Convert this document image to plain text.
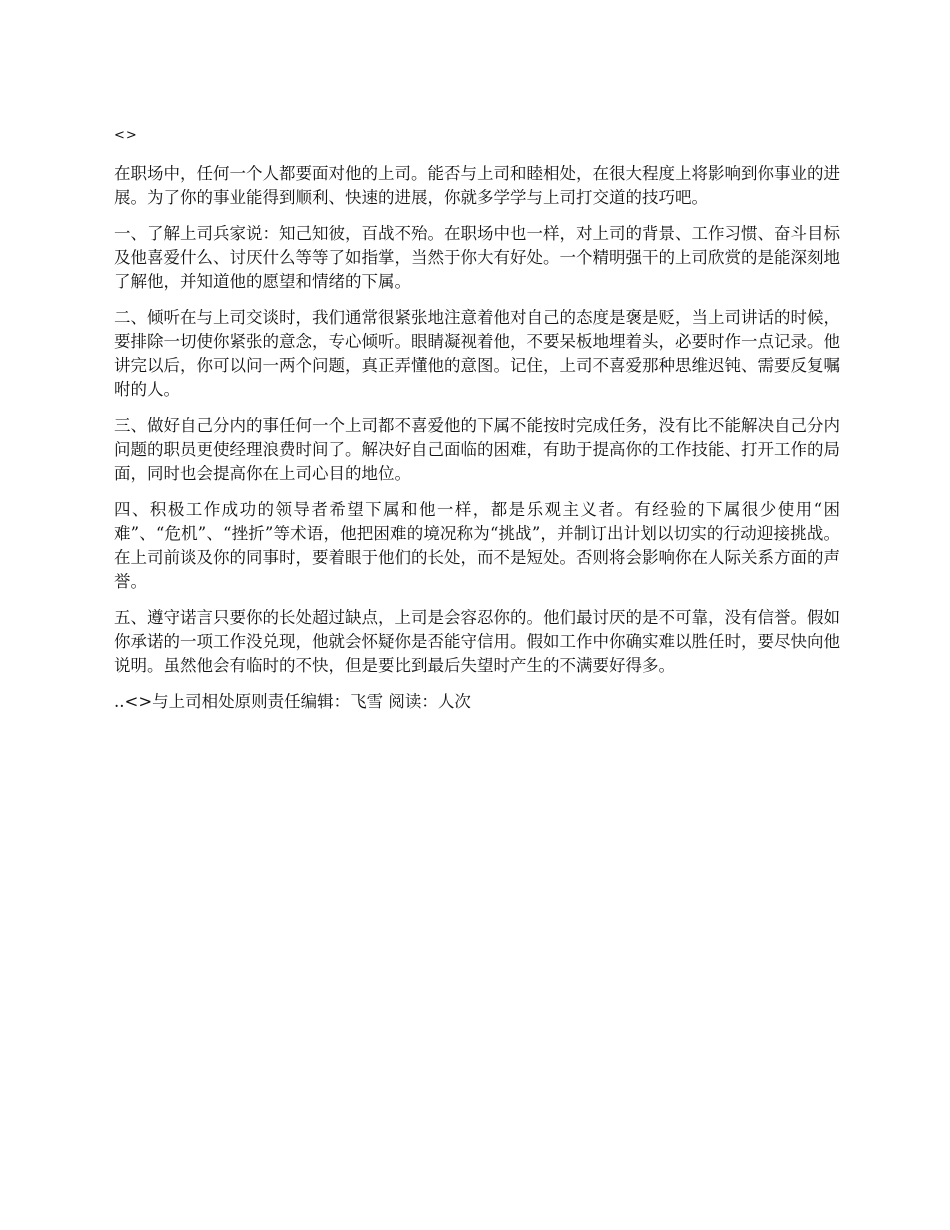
<>

在职场中，任何一个人都要面对他的上司。能否与上司和睦相处，在很大程度上将影响到你事业的进展。为了你的事业能得到顺利、快速的进展，你就多学学与上司打交道的技巧吧。

一、了解上司兵家说：知己知彼，百战不殆。在职场中也一样，对上司的背景、工作习惯、奋斗目标及他喜爱什么、讨厌什么等等了如指掌，当然于你大有好处。一个精明强干的上司欣赏的是能深刻地了解他，并知道他的愿望和情绪的下属。

二、倾听在与上司交谈时，我们通常很紧张地注意着他对自己的态度是褒是贬，当上司讲话的时候，要排除一切使你紧张的意念，专心倾听。眼睛凝视着他，不要呆板地埋着头，必要时作一点记录。他讲完以后，你可以问一两个问题，真正弄懂他的意图。记住，上司不喜爱那种思维迟钝、需要反复嘱咐的人。

三、做好自己分内的事任何一个上司都不喜爱他的下属不能按时完成任务，没有比不能解决自己分内问题的职员更使经理浪费时间了。解决好自己面临的困难，有助于提高你的工作技能、打开工作的局面，同时也会提高你在上司心目的地位。

四、积极工作成功的领导者希望下属和他一样，都是乐观主义者。有经验的下属很少使用“困难”、“危机”、“挫折”等术语，他把困难的境况称为“挑战”，并制订出计划以切实的行动迎接挑战。在上司前谈及你的同事时，要着眼于他们的长处，而不是短处。否则将会影响你在人际关系方面的声誉。

五、遵守诺言只要你的长处超过缺点，上司是会容忍你的。他们最讨厌的是不可靠，没有信誉。假如你承诺的一项工作没兑现，他就会怀疑你是否能守信用。假如工作中你确实难以胜任时，要尽快向他说明。虽然他会有临时的不快，但是要比到最后失望时产生的不满要好得多。

..<>与上司相处原则责任编辑：飞雪 阅读：人次
